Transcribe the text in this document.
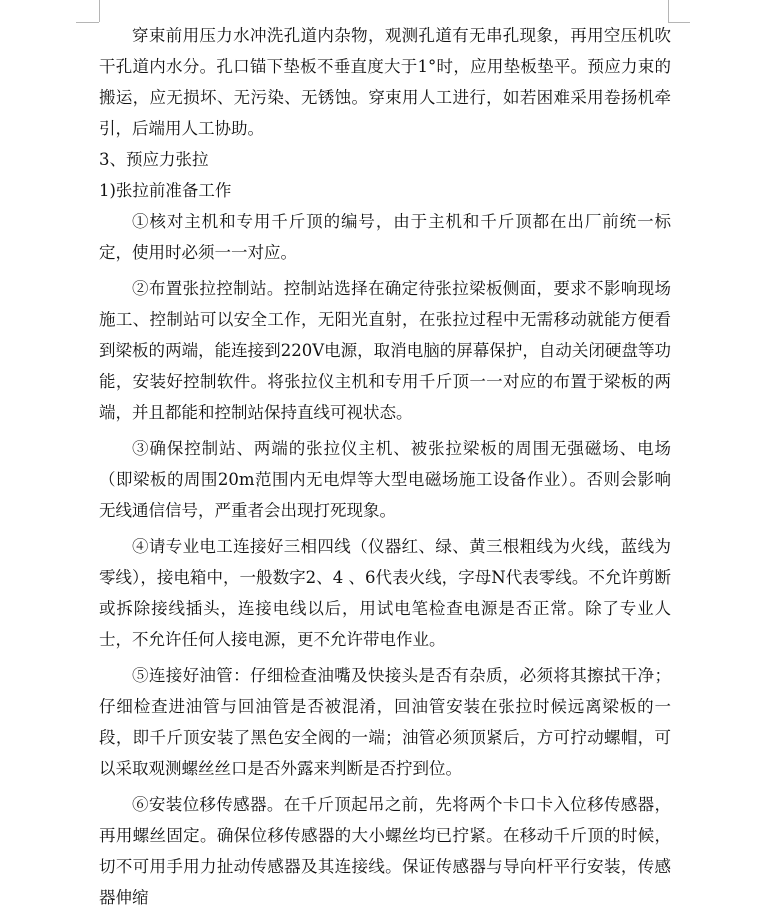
穿束前用压力水冲洗孔道内杂物，观测孔道有无串孔现象，再用空压机吹干孔道内水分。孔口锚下垫板不垂直度大于1°时，应用垫板垫平。预应力束的搬运，应无损坏、无污染、无锈蚀。穿束用人工进行，如若困难采用卷扬机牵引，后端用人工协助。

3、预应力张拉

1)张拉前准备工作

①核对主机和专用千斤顶的编号，由于主机和千斤顶都在出厂前统一标定，使用时必须一一对应。

②布置张拉控制站。控制站选择在确定待张拉梁板侧面，要求不影响现场施工、控制站可以安全工作，无阳光直射，在张拉过程中无需移动就能方便看到梁板的两端，能连接到220V电源，取消电脑的屏幕保护，自动关闭硬盘等功能，安装好控制软件。将张拉仪主机和专用千斤顶一一对应的布置于梁板的两端，并且都能和控制站保持直线可视状态。

③确保控制站、两端的张拉仪主机、被张拉梁板的周围无强磁场、电场（即梁板的周围20m范围内无电焊等大型电磁场施工设备作业）。否则会影响无线通信信号，严重者会出现打死现象。

④请专业电工连接好三相四线（仪器红、绿、黄三根粗线为火线，蓝线为零线），接电箱中，一般数字2、4 、6代表火线，字母N代表零线。不允许剪断或拆除接线插头，连接电线以后，用试电笔检查电源是否正常。除了专业人士，不允许任何人接电源，更不允许带电作业。

⑤连接好油管：仔细检查油嘴及快接头是否有杂质，必须将其擦拭干净；仔细检查进油管与回油管是否被混淆，回油管安装在张拉时候远离梁板的一段，即千斤顶安装了黑色安全阀的一端；油管必须顶紧后，方可拧动螺帽，可以采取观测螺丝丝口是否外露来判断是否拧到位。

⑥安装位移传感器。在千斤顶起吊之前，先将两个卡口卡入位移传感器，再用螺丝固定。确保位移传感器的大小螺丝均已拧紧。在移动千斤顶的时候，切不可用手用力扯动传感器及其连接线。保证传感器与导向杆平行安装，传感器伸缩
